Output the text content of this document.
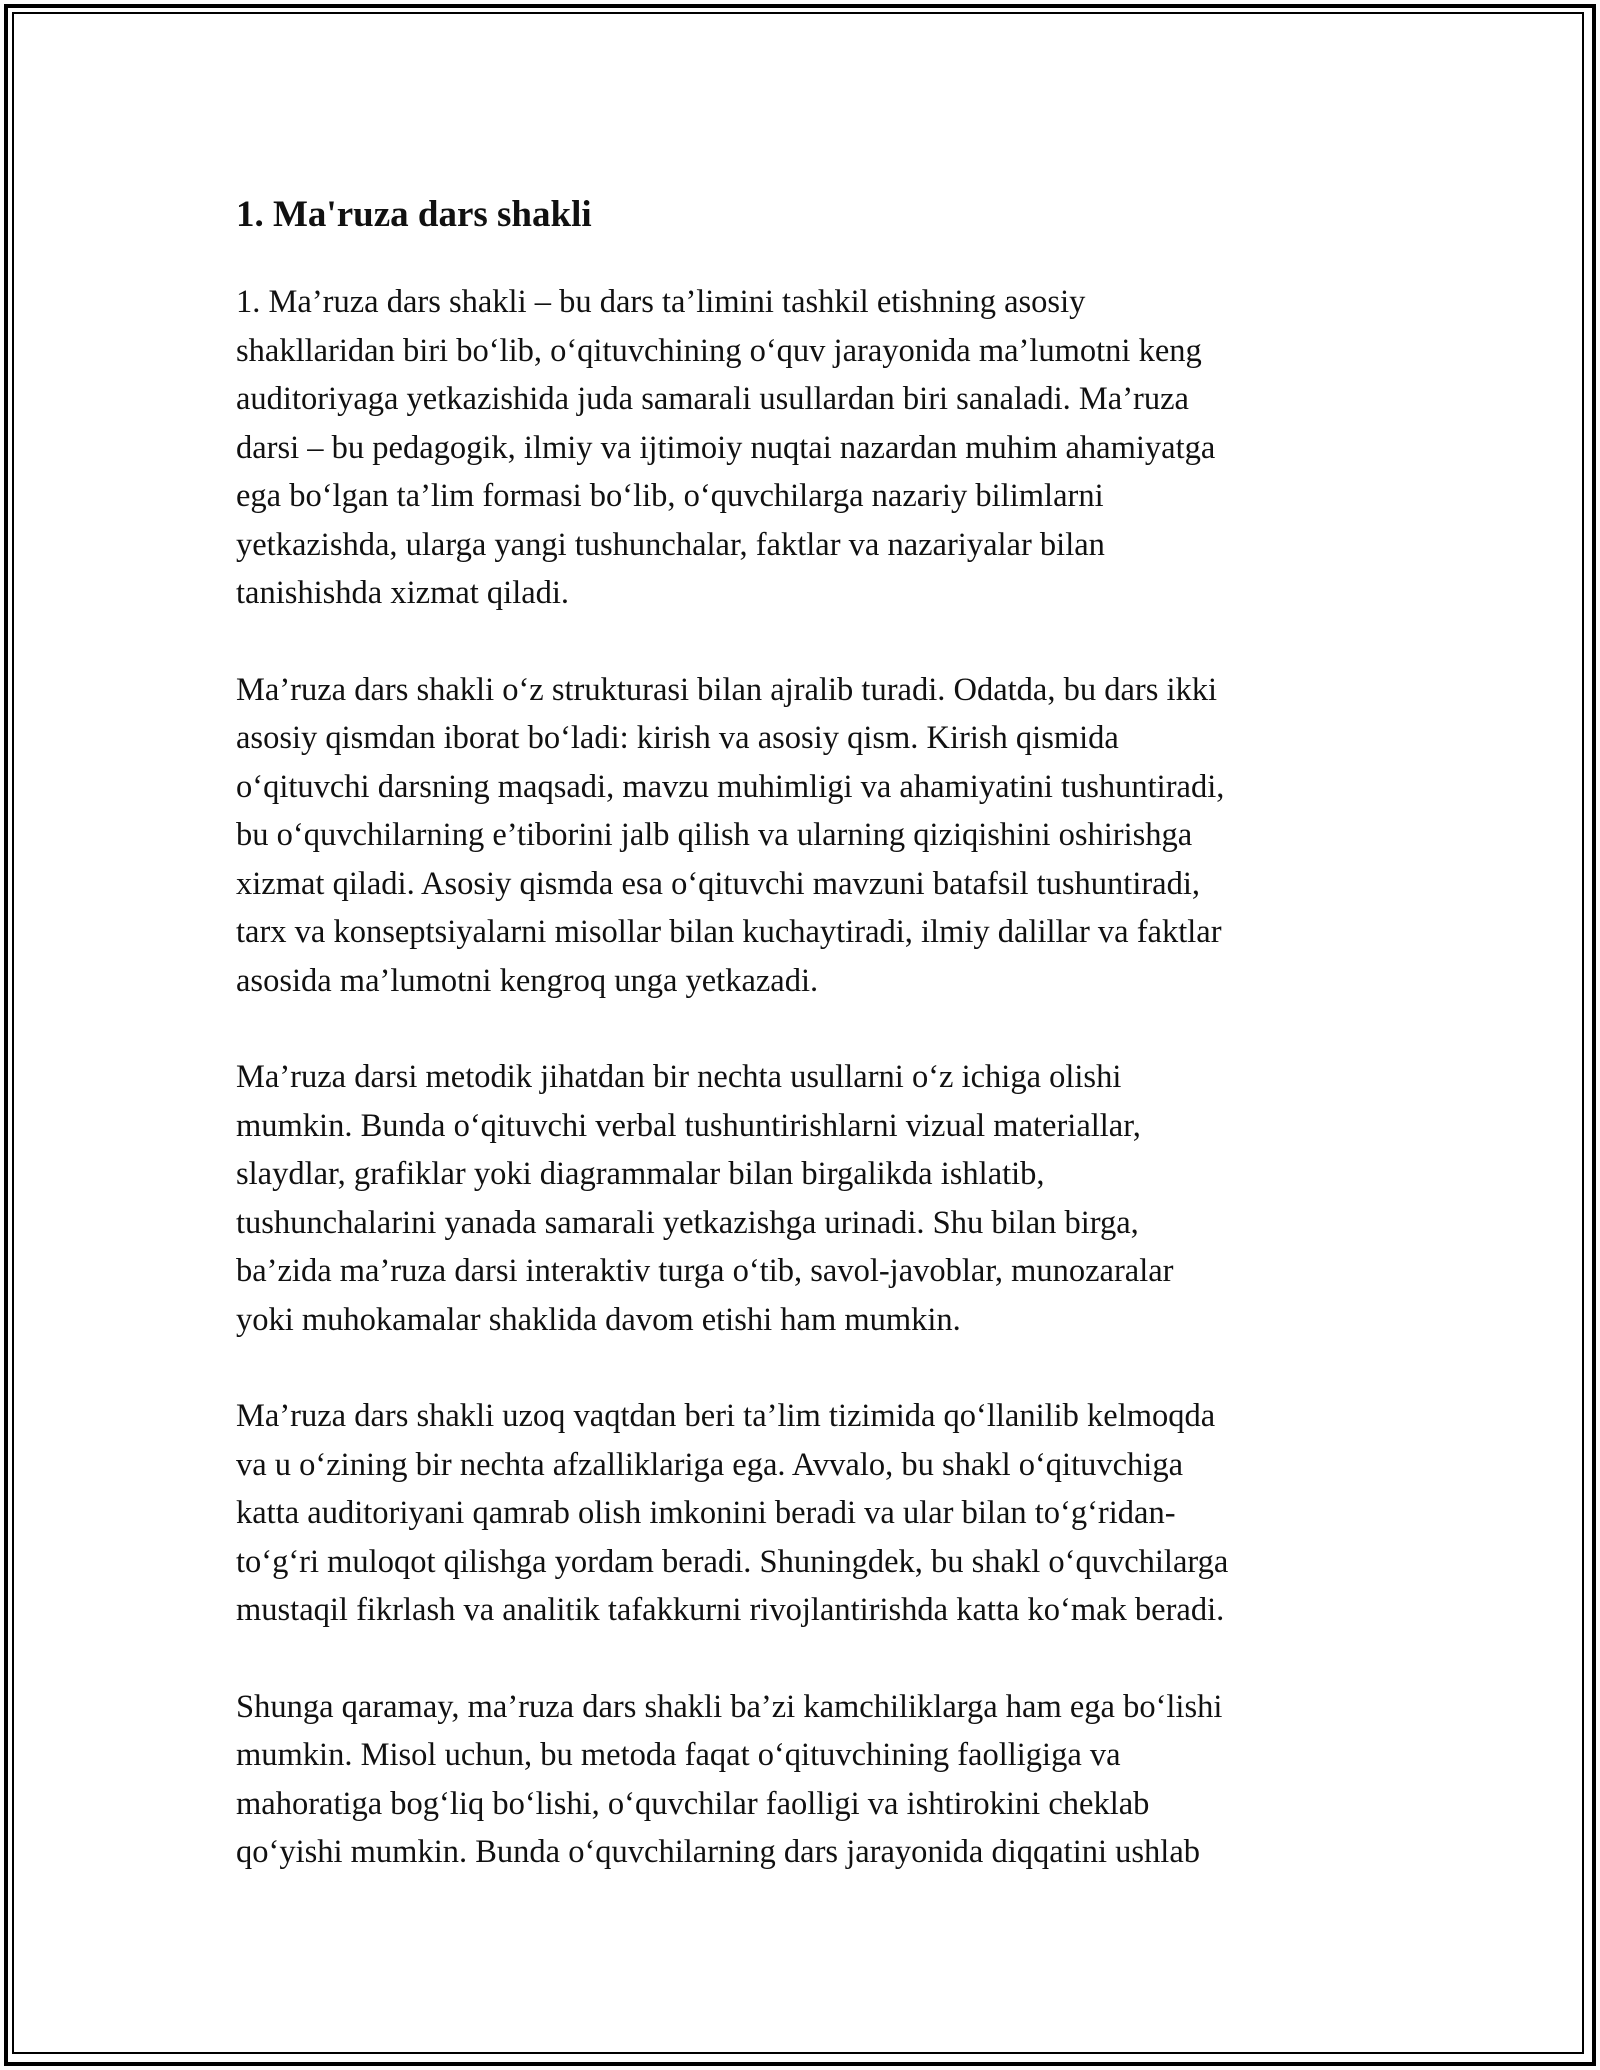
1. Ma'ruza dars shakli

1. Ma’ruza dars shakli – bu dars ta’limini tashkil etishning asosiy
shakllaridan biri bo‘lib, o‘qituvchining o‘quv jarayonida ma’lumotni keng
auditoriyaga yetkazishida juda samarali usullardan biri sanaladi. Ma’ruza
darsi – bu pedagogik, ilmiy va ijtimoiy nuqtai nazardan muhim ahamiyatga
ega bo‘lgan ta’lim formasi bo‘lib, o‘quvchilarga nazariy bilimlarni
yetkazishda, ularga yangi tushunchalar, faktlar va nazariyalar bilan
tanishishda xizmat qiladi.

Ma’ruza dars shakli o‘z strukturasi bilan ajralib turadi. Odatda, bu dars ikki
asosiy qismdan iborat bo‘ladi: kirish va asosiy qism. Kirish qismida
o‘qituvchi darsning maqsadi, mavzu muhimligi va ahamiyatini tushuntiradi,
bu o‘quvchilarning e’tiborini jalb qilish va ularning qiziqishini oshirishga
xizmat qiladi. Asosiy qismda esa o‘qituvchi mavzuni batafsil tushuntiradi,
tarx va konseptsiyalarni misollar bilan kuchaytiradi, ilmiy dalillar va faktlar
asosida ma’lumotni kengroq unga yetkazadi.

Ma’ruza darsi metodik jihatdan bir nechta usullarni o‘z ichiga olishi
mumkin. Bunda o‘qituvchi verbal tushuntirishlarni vizual materiallar,
slaydlar, grafiklar yoki diagrammalar bilan birgalikda ishlatib,
tushunchalarini yanada samarali yetkazishga urinadi. Shu bilan birga,
ba’zida ma’ruza darsi interaktiv turga o‘tib, savol-javoblar, munozaralar
yoki muhokamalar shaklida davom etishi ham mumkin.

Ma’ruza dars shakli uzoq vaqtdan beri ta’lim tizimida qo‘llanilib kelmoqda
va u o‘zining bir nechta afzalliklariga ega. Avvalo, bu shakl o‘qituvchiga
katta auditoriyani qamrab olish imkonini beradi va ular bilan to‘g‘ridan-
to‘g‘ri muloqot qilishga yordam beradi. Shuningdek, bu shakl o‘quvchilarga
mustaqil fikrlash va analitik tafakkurni rivojlantirishda katta ko‘mak beradi.

Shunga qaramay, ma’ruza dars shakli ba’zi kamchiliklarga ham ega bo‘lishi
mumkin. Misol uchun, bu metoda faqat o‘qituvchining faolligiga va
mahoratiga bog‘liq bo‘lishi, o‘quvchilar faolligi va ishtirokini cheklab
qo‘yishi mumkin. Bunda o‘quvchilarning dars jarayonida diqqatini ushlab
